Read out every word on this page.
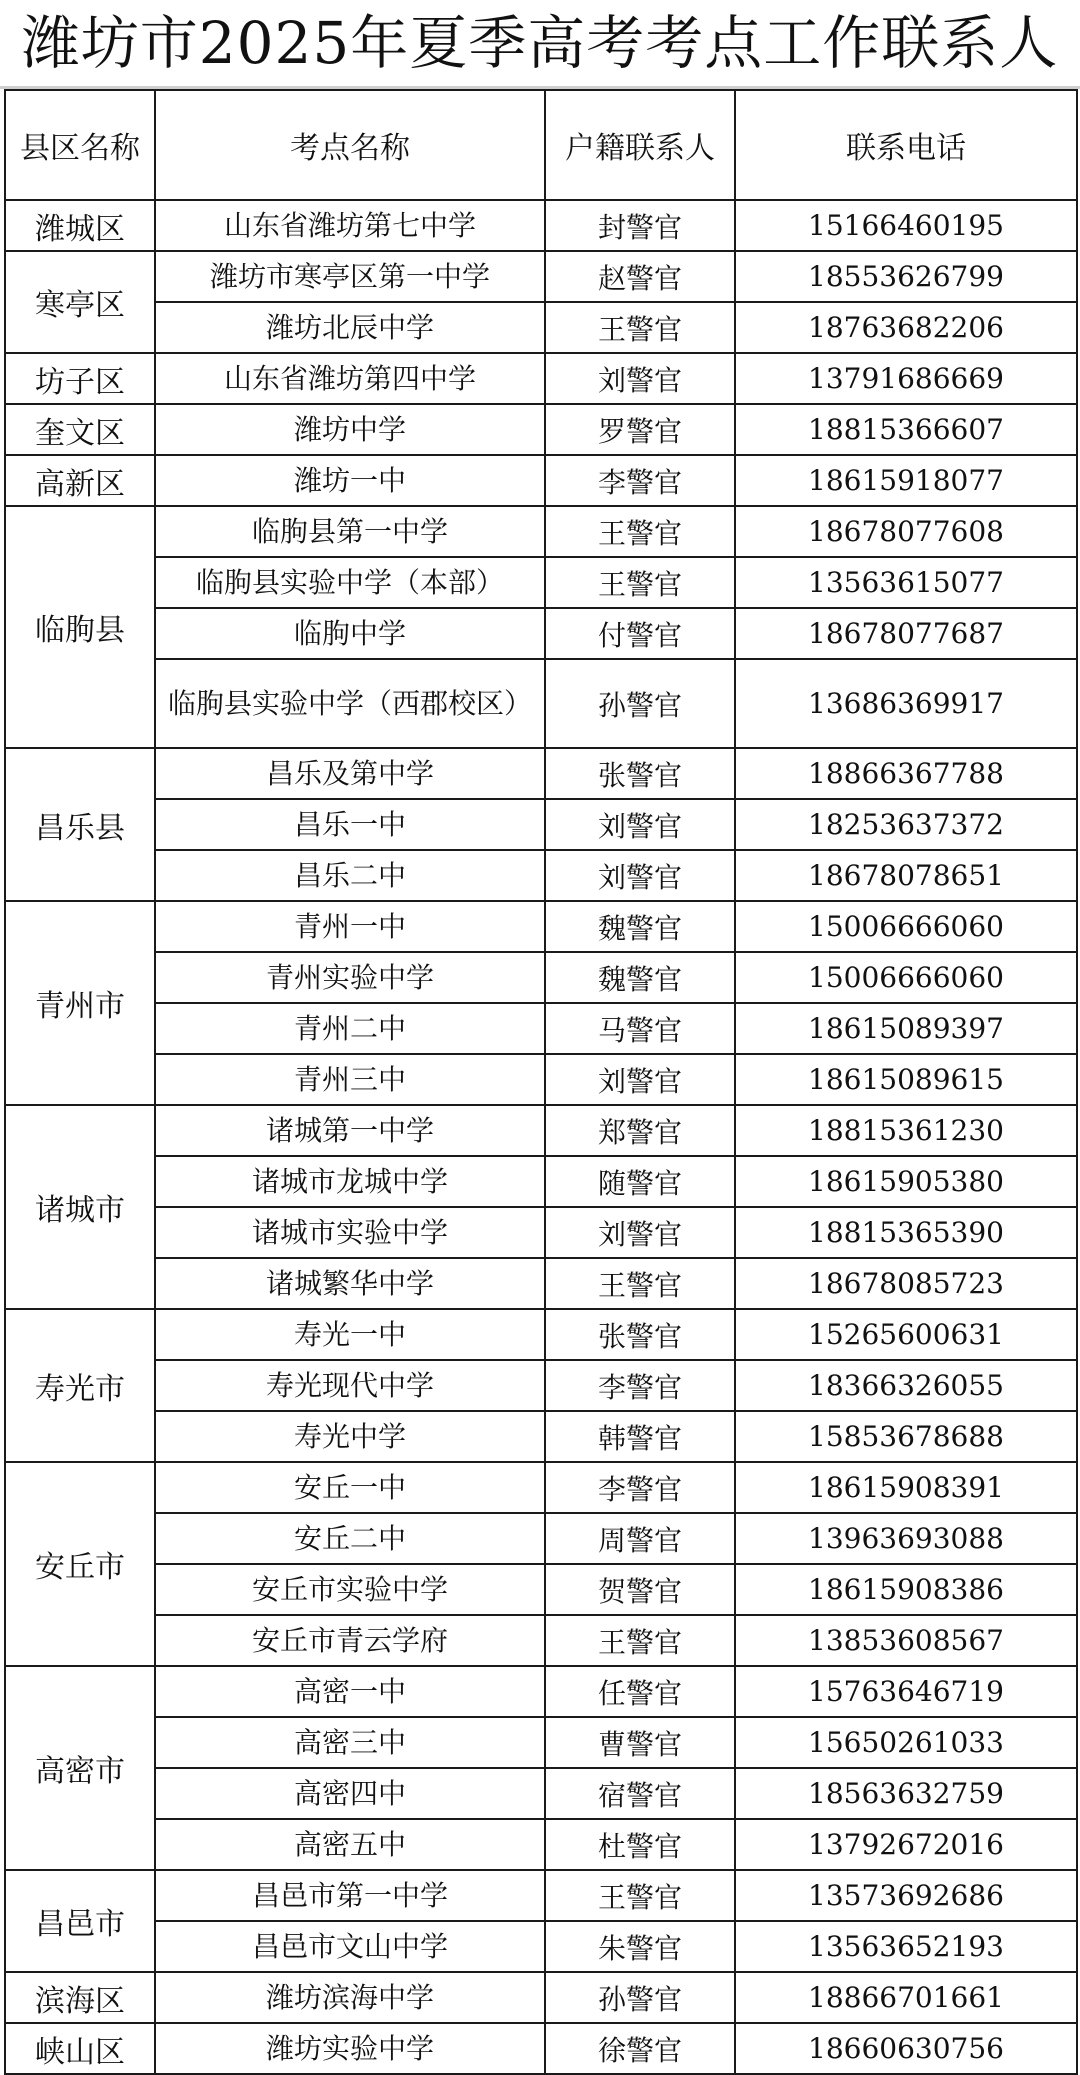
潍坊市2025年夏季高考考点工作联系人
县区名称	考点名称	户籍联系人	联系电话
潍城区	山东省潍坊第七中学	封警官	15166460195
寒亭区	潍坊市寒亭区第一中学	赵警官	18553626799
	潍坊北辰中学	王警官	18763682206
坊子区	山东省潍坊第四中学	刘警官	13791686669
奎文区	潍坊中学	罗警官	18815366607
高新区	潍坊一中	李警官	18615918077
临朐县	临朐县第一中学	王警官	18678077608
	临朐县实验中学（本部）	王警官	13563615077
	临朐中学	付警官	18678077687
	临朐县实验中学（西郡校区）	孙警官	13686369917
昌乐县	昌乐及第中学	张警官	18866367788
	昌乐一中	刘警官	18253637372
	昌乐二中	刘警官	18678078651
青州市	青州一中	魏警官	15006666060
	青州实验中学	魏警官	15006666060
	青州二中	马警官	18615089397
	青州三中	刘警官	18615089615
诸城市	诸城第一中学	郑警官	18815361230
	诸城市龙城中学	随警官	18615905380
	诸城市实验中学	刘警官	18815365390
	诸城繁华中学	王警官	18678085723
寿光市	寿光一中	张警官	15265600631
	寿光现代中学	李警官	18366326055
	寿光中学	韩警官	15853678688
安丘市	安丘一中	李警官	18615908391
	安丘二中	周警官	13963693088
	安丘市实验中学	贺警官	18615908386
	安丘市青云学府	王警官	13853608567
高密市	高密一中	任警官	15763646719
	高密三中	曹警官	15650261033
	高密四中	宿警官	18563632759
	高密五中	杜警官	13792672016
昌邑市	昌邑市第一中学	王警官	13573692686
	昌邑市文山中学	朱警官	13563652193
滨海区	潍坊滨海中学	孙警官	18866701661
峡山区	潍坊实验中学	徐警官	18660630756
